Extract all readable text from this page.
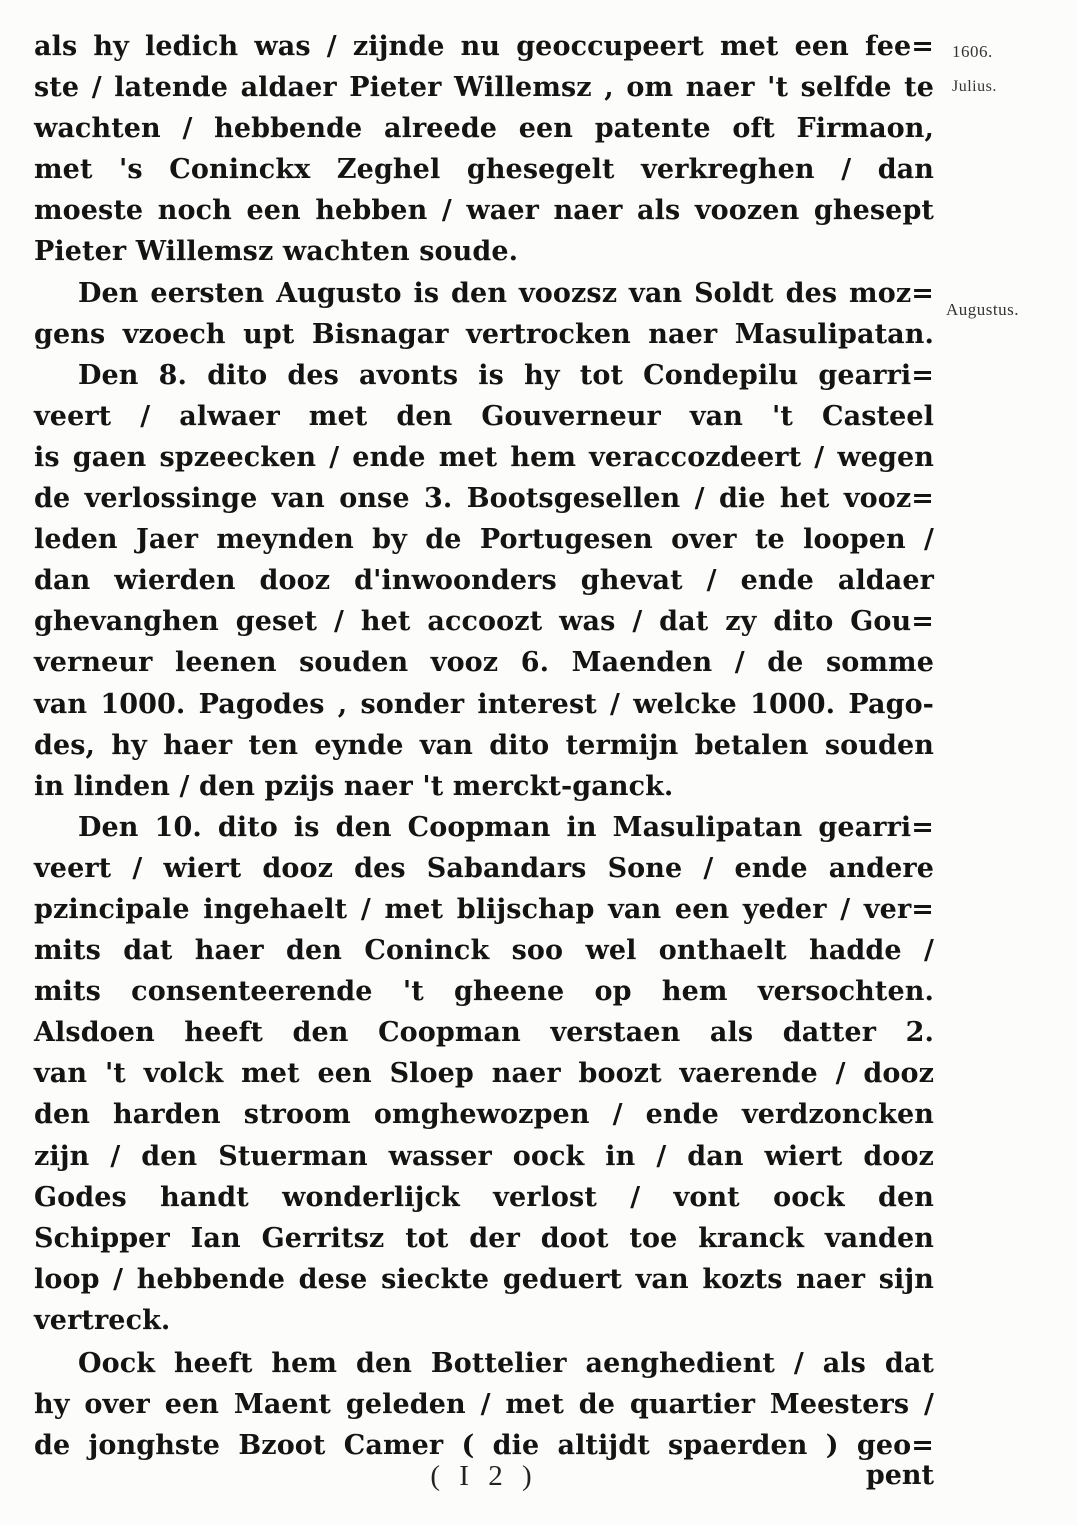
als hy ledich was / zijnde nu geoccupeert met een fee=
ste / latende aldaer Pieter Willemsz , om naer 't selfde te
wachten / hebbende alreede een patente oft Firmaon,
met 's Coninckx Zeghel ghesegelt verkreghen / dan
moeste noch een hebben / waer naer als voozen ghesept
Pieter Willemsz wachten soude.
Den eersten Augusto is den voozsz van Soldt des moz=
gens vzoech upt Bisnagar vertrocken naer Masulipatan.
Den 8. dito des avonts is hy tot Condepilu gearri=
veert / alwaer met den Gouverneur van 't Casteel
is gaen spzeecken / ende met hem veraccozdeert / wegen
de verlossinge van onse 3. Bootsgesellen / die het vooz=
leden Jaer meynden by de Portugesen over te loopen /
dan wierden dooz d'inwoonders ghevat / ende aldaer
ghevanghen geset / het accoozt was / dat zy dito Gou=
verneur leenen souden vooz 6. Maenden / de somme
van 1000. Pagodes , sonder interest / welcke 1000. Pago-
des, hy haer ten eynde van dito termijn betalen souden
in linden / den pzijs naer 't merckt-ganck.
Den 10. dito is den Coopman in Masulipatan gearri=
veert / wiert dooz des Sabandars Sone / ende andere
pzincipale ingehaelt / met blijschap van een yeder / ver=
mits dat haer den Coninck soo wel onthaelt hadde /
mits consenteerende 't gheene op hem versochten.
Alsdoen heeft den Coopman verstaen als datter 2.
van 't volck met een Sloep naer boozt vaerende / dooz
den harden stroom omghewozpen / ende verdzoncken
zijn / den Stuerman wasser oock in / dan wiert dooz
Godes handt wonderlijck verlost / vont oock den
Schipper Ian Gerritsz tot der doot toe kranck vanden
loop / hebbende dese sieckte geduert van kozts naer sijn
vertreck.
Oock heeft hem den Bottelier aenghedient / als dat
hy over een Maent geleden / met de quartier Meesters /
de jonghste Bzoot Camer ( die altijdt spaerden ) geo=
1606.
Julius.
Augustus.
( I 2 )	pent
